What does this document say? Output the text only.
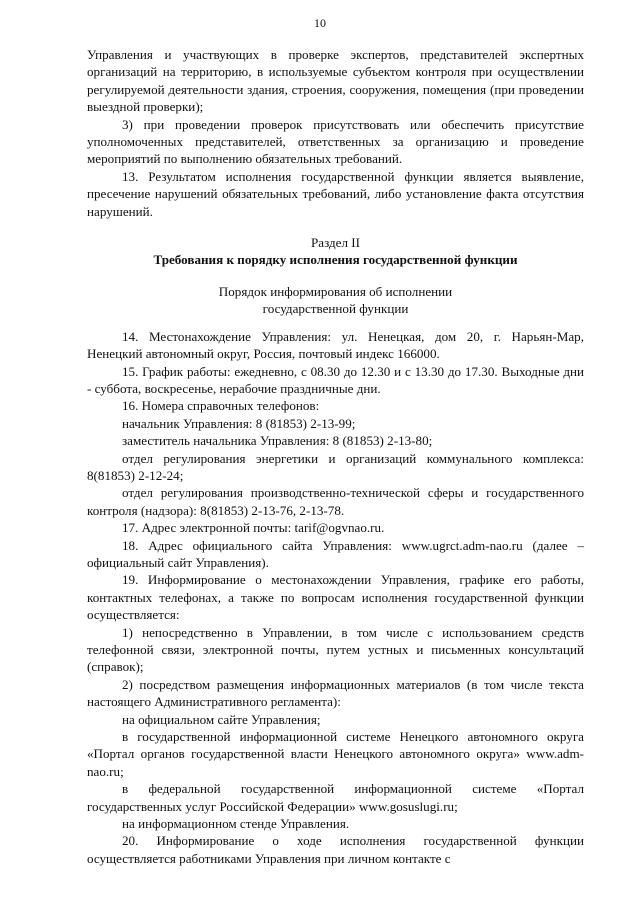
10

Управления и участвующих в проверке экспертов, представителей экспертных организаций на территорию, в используемые субъектом контроля при осуществлении регулируемой деятельности здания, строения, сооружения, помещения (при проведении выездной проверки);

3) при проведении проверок присутствовать или обеспечить присутствие уполномоченных представителей, ответственных за организацию и проведение мероприятий по выполнению обязательных требований.

13. Результатом исполнения государственной функции является выявление, пресечение нарушений обязательных требований, либо установление факта отсутствия нарушений.

Раздел II

Требования к порядку исполнения государственной функции

Порядок информирования об исполнении

государственной функции

14. Местонахождение Управления: ул. Ненецкая, дом 20, г. Нарьян-Мар, Ненецкий автономный округ, Россия, почтовый индекс 166000.

15. График работы: ежедневно, с 08.30 до 12.30 и с 13.30 до 17.30. Выходные дни - суббота, воскресенье, нерабочие праздничные дни.

16. Номера справочных телефонов:

начальник Управления: 8 (81853) 2-13-99;

заместитель начальника Управления: 8 (81853) 2-13-80;

отдел регулирования энергетики и организаций коммунального комплекса: 8(81853) 2-12-24;

отдел регулирования производственно-технической сферы и государственного контроля (надзора): 8(81853) 2-13-76, 2-13-78.

17. Адрес электронной почты: tarif@ogvnao.ru.

18. Адрес официального сайта Управления: www.ugrct.adm-nao.ru (далее – официальный сайт Управления).

19. Информирование о местонахождении Управления, графике его работы, контактных телефонах, а также по вопросам исполнения государственной функции осуществляется:

1) непосредственно в Управлении, в том числе с использованием средств телефонной связи, электронной почты, путем устных и письменных консультаций (справок);

2) посредством размещения информационных материалов (в том числе текста настоящего Административного регламента):

на официальном сайте Управления;

в государственной информационной системе Ненецкого автономного округа «Портал органов государственной власти Ненецкого автономного округа» www.adm-nao.ru;

в федеральной государственной информационной системе «Портал государственных услуг Российской Федерации» www.gosuslugi.ru;

на информационном стенде Управления.

20. Информирование о ходе исполнения государственной функции осуществляется работниками Управления при личном контакте с
